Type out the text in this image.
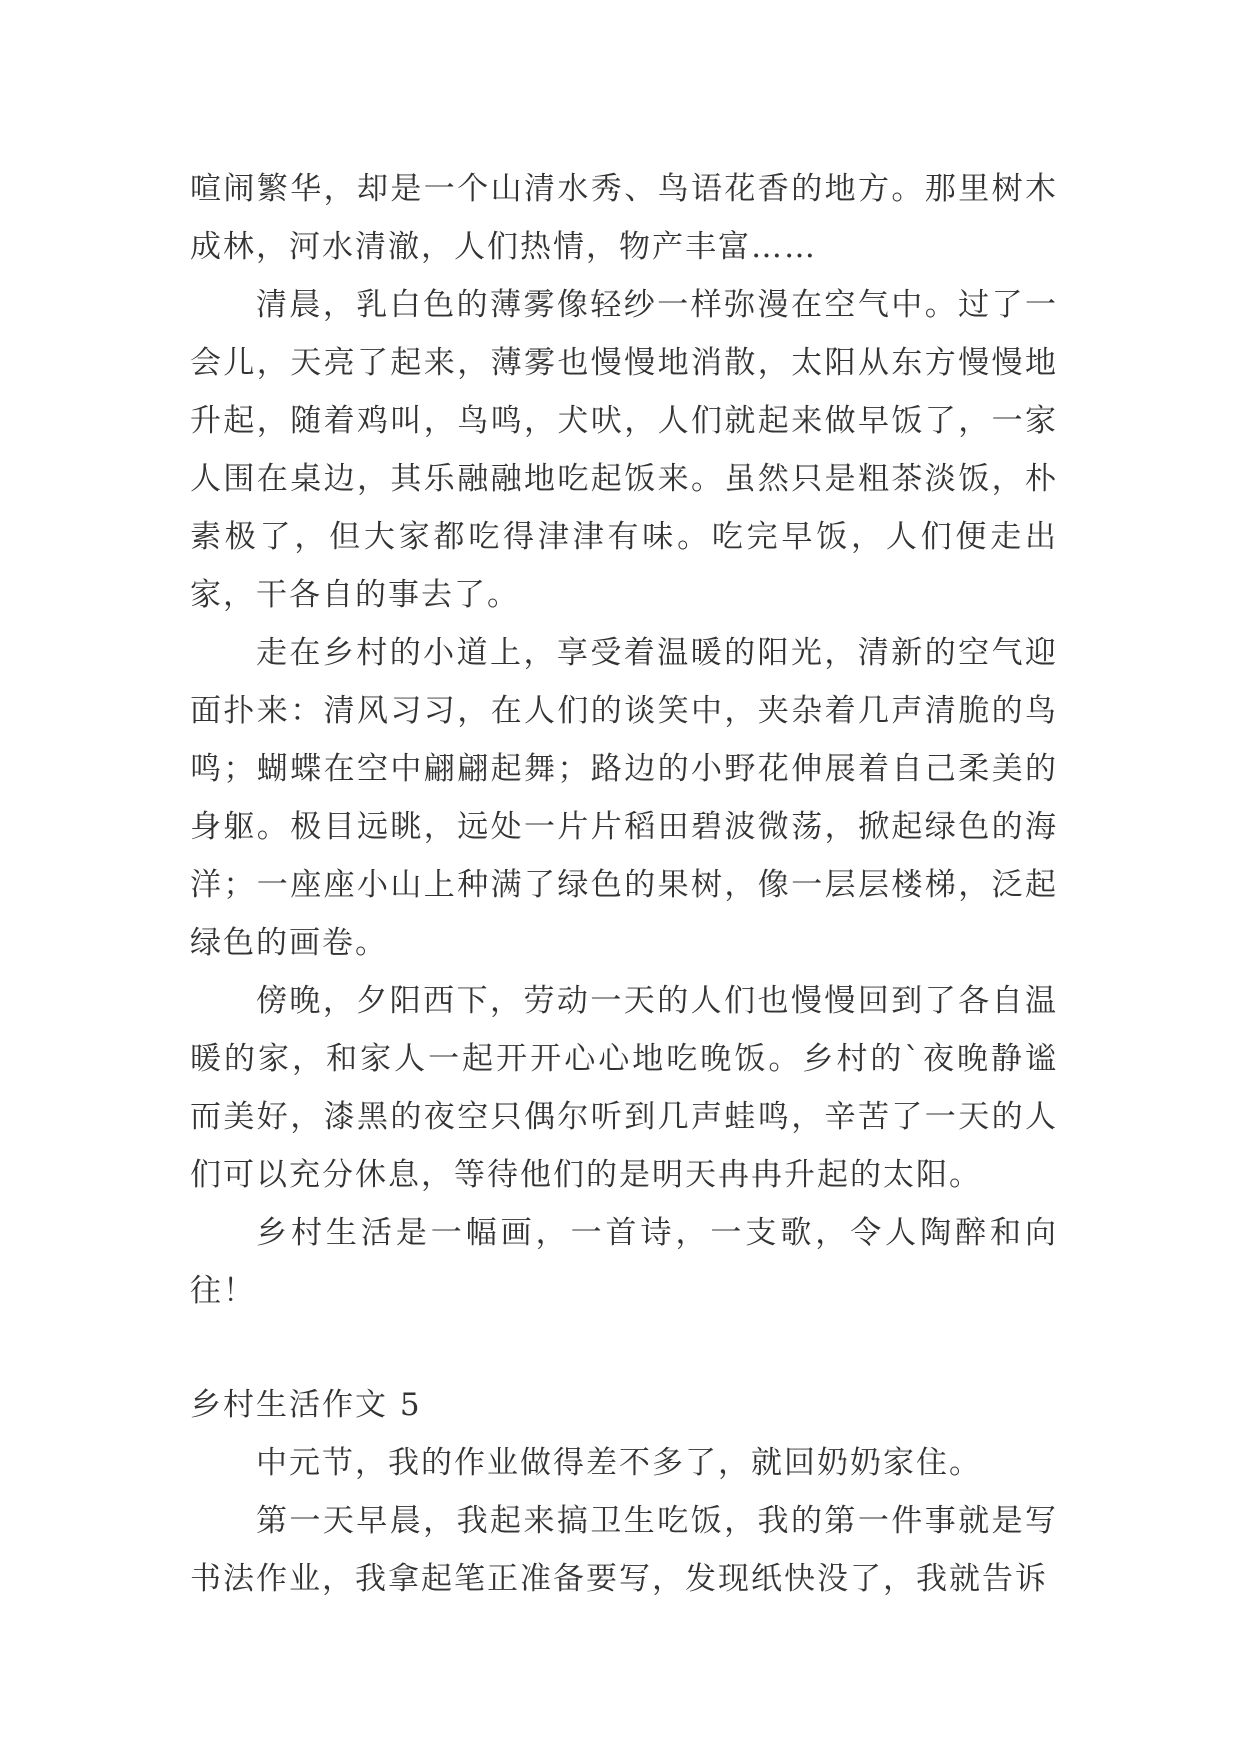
喧闹繁华，却是一个山清水秀、鸟语花香的地方。那里树木成林，河水清澈，人们热情，物产丰富……

清晨，乳白色的薄雾像轻纱一样弥漫在空气中。过了一会儿，天亮了起来，薄雾也慢慢地消散，太阳从东方慢慢地升起，随着鸡叫，鸟鸣，犬吠，人们就起来做早饭了，一家人围在桌边，其乐融融地吃起饭来。虽然只是粗茶淡饭，朴素极了，但大家都吃得津津有味。吃完早饭，人们便走出家，干各自的事去了。

走在乡村的小道上，享受着温暖的阳光，清新的空气迎面扑来：清风习习，在人们的谈笑中，夹杂着几声清脆的鸟鸣；蝴蝶在空中翩翩起舞；路边的小野花伸展着自己柔美的身躯。极目远眺，远处一片片稻田碧波微荡，掀起绿色的海洋；一座座小山上种满了绿色的果树，像一层层楼梯，泛起绿色的画卷。

傍晚，夕阳西下，劳动一天的人们也慢慢回到了各自温暖的家，和家人一起开开心心地吃晚饭。乡村的`夜晚静谧而美好，漆黑的夜空只偶尔听到几声蛙鸣，辛苦了一天的人们可以充分休息，等待他们的是明天冉冉升起的太阳。

乡村生活是一幅画，一首诗，一支歌，令人陶醉和向往！

乡村生活作文 5

中元节，我的作业做得差不多了，就回奶奶家住。

第一天早晨，我起来搞卫生吃饭，我的第一件事就是写书法作业，我拿起笔正准备要写，发现纸快没了，我就告诉
